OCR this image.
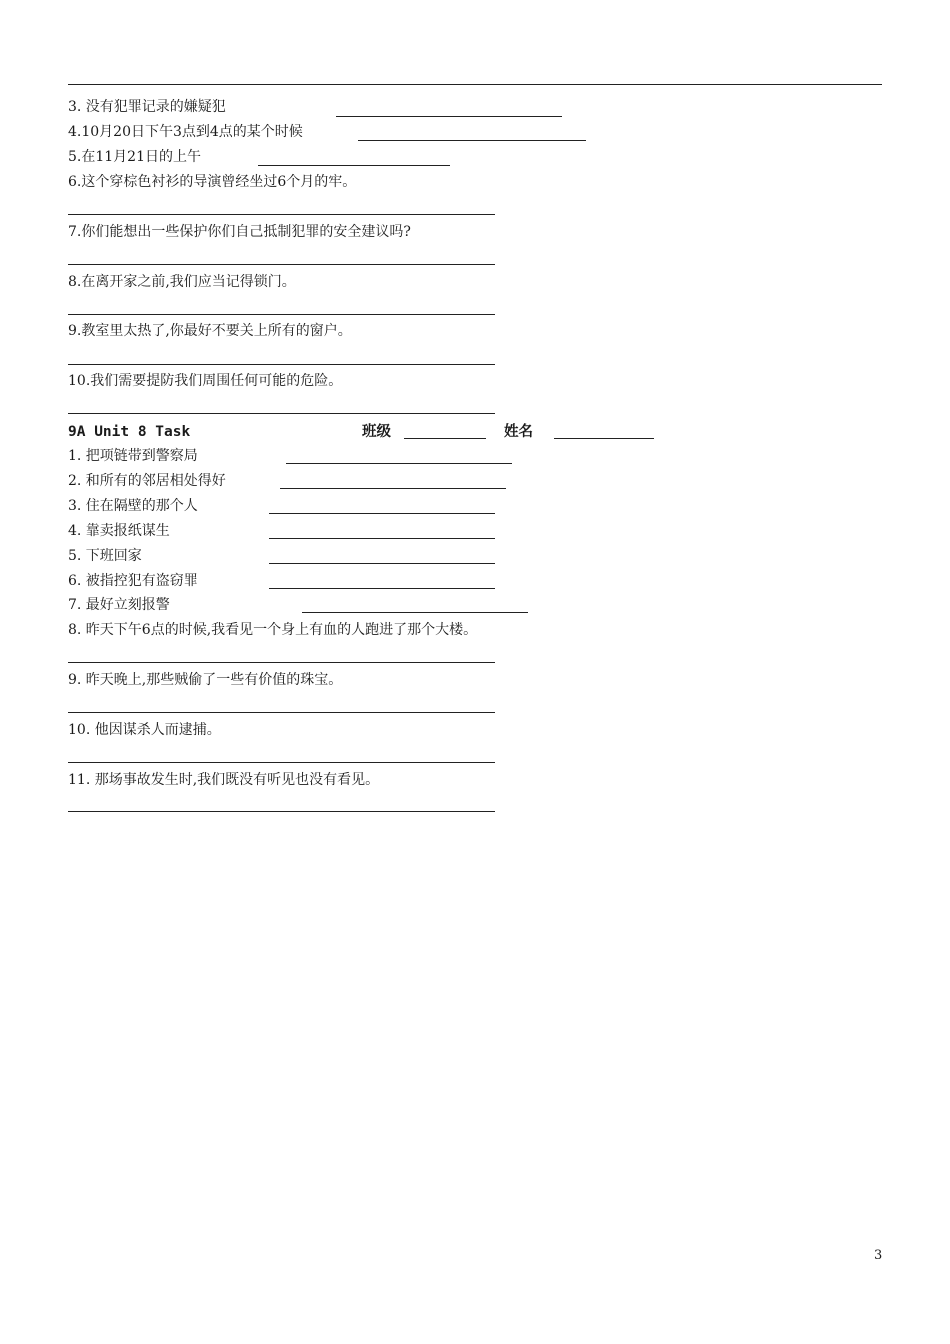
3. 没有犯罪记录的嫌疑犯
4.10月20日下午3点到4点的某个时候
5.在11月21日的上午
6.这个穿棕色衬衫的导演曾经坐过6个月的牢。
7.你们能想出一些保护你们自己抵制犯罪的安全建议吗?
8.在离开家之前,我们应当记得锁门。
9.教室里太热了,你最好不要关上所有的窗户。
10.我们需要提防我们周围任何可能的危险。
9A Unit 8 Task	班级	姓名
1. 把项链带到警察局
2. 和所有的邻居相处得好
3. 住在隔壁的那个人
4. 靠卖报纸谋生
5. 下班回家
6. 被指控犯有盗窃罪
7. 最好立刻报警
8. 昨天下午6点的时候,我看见一个身上有血的人跑进了那个大楼。
9. 昨天晚上,那些贼偷了一些有价值的珠宝。
10. 他因谋杀人而逮捕。
11. 那场事故发生时,我们既没有听见也没有看见。
3
